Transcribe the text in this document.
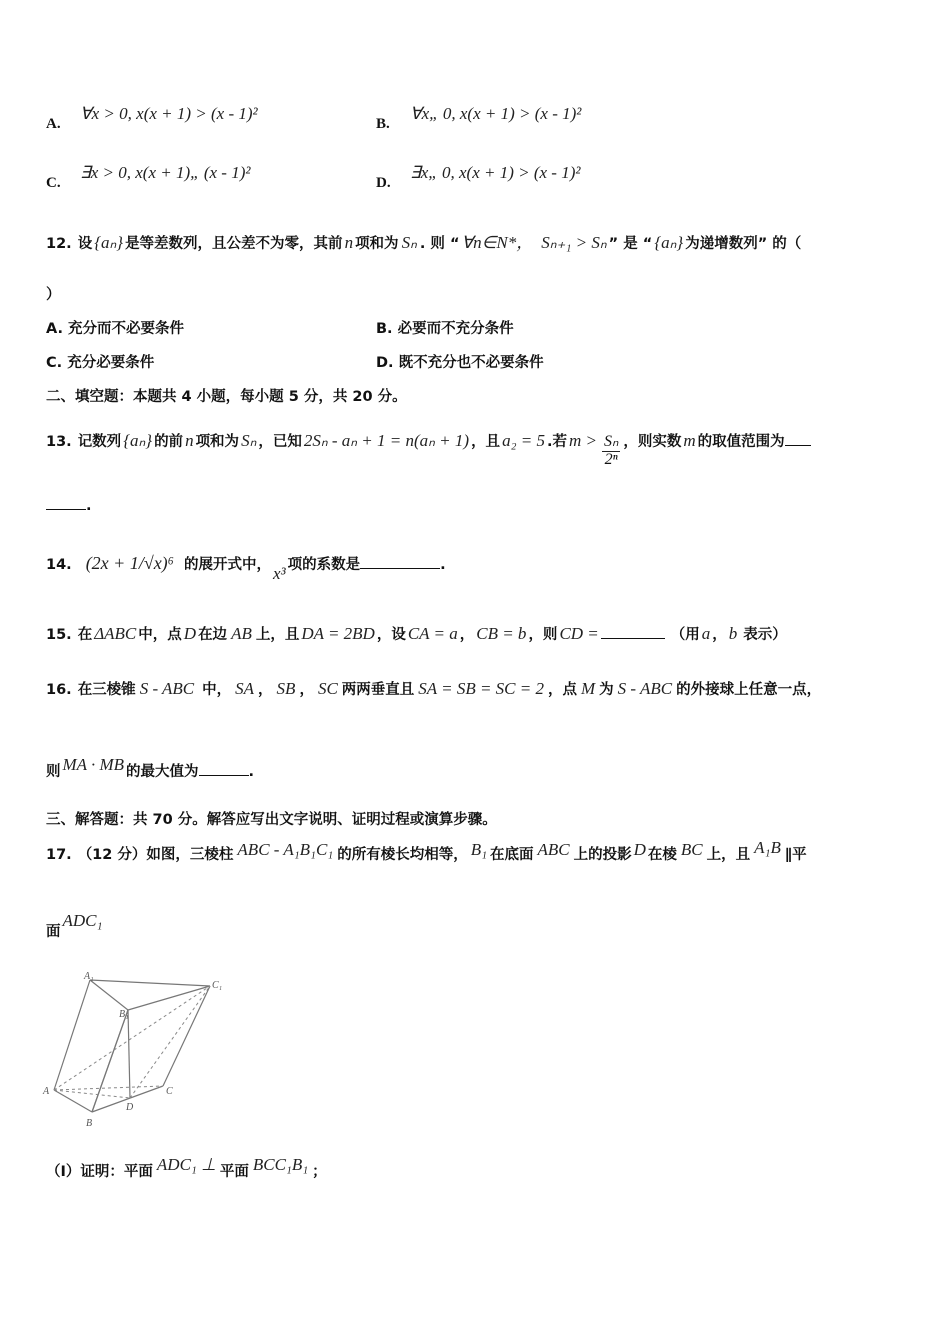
A.
∀x > 0, x(x + 1) > (x - 1)²
B.
∀x„ 0, x(x + 1) > (x - 1)²
C.
∃x > 0, x(x + 1)„ (x - 1)²
D.
∃x„ 0, x(x + 1) > (x - 1)²
12. 设 {aₙ} 是等差数列，且公差不为零，其前 n 项和为 Sₙ . 则 “ ∀n∈N*， Sₙ₊₁ > Sₙ ” 是 “ {aₙ} 为递增数列” 的（
）
A. 充分而不必要条件	B. 必要而不充分条件
C. 充分必要条件	D. 既不充分也不必要条件
二、填空题：本题共 4 小题，每小题 5 分，共 20 分。
13. 记数列 {aₙ} 的前 n 项和为 Sₙ ，已知 2Sₙ - aₙ + 1 = n(aₙ + 1) ，且 a₂ = 5 .若 $m > \frac{\text{Sₙ}}{\text{2ⁿ}}$ ，则实数 m 的取值范围为
.
14. (2x + 1/√x)⁶ 的展开式中， x³ 项的系数是	.
15. 在 ΔABC 中，点 D 在边 AB 上，且 DA = 2BD ，设 CA = a ， CB = b ，则 CD =	（用 a ， b 表示）
16. 在三棱锥 S - ABC 中， SA ， SB ， SC 两两垂直且 SA = SB = SC = 2 ，点 M 为 S - ABC 的外接球上任意一点，
则 MA · MB 的最大值为	.
三、解答题：共 70 分。解答应写出文字说明、证明过程或演算步骤。
17. （12 分）如图，三棱柱 ABC - A₁B₁C₁ 的所有棱长均相等， B₁ 在底面 ABC 上的投影 D 在棱 BC 上，且 A₁B ∥平
面
ADC₁
A₁
C₁
B₁
A
B
C
D
（Ⅰ）证明：平面 ADC₁ ⊥ 平面 BCC₁B₁ ；
